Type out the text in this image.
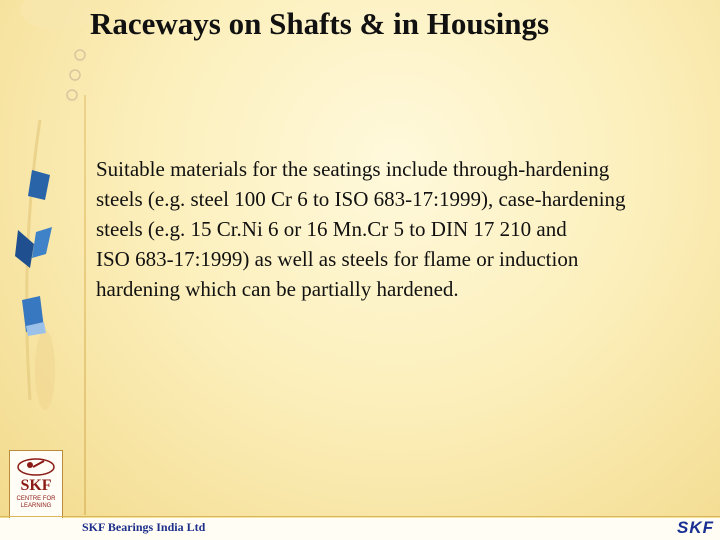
Raceways on Shafts & in Housings
Suitable materials for the seatings include through-hardening
steels (e.g. steel 100 Cr 6 to ISO 683-17:1999), case-hardening
steels (e.g. 15 Cr.Ni 6 or 16 Mn.Cr 5 to DIN 17 210 and
ISO 683-17:1999) as well as steels for flame or induction
hardening which can be partially hardened.
SKF
CENTRE FOR
LEARNING
SKF Bearings India Ltd	SKF
